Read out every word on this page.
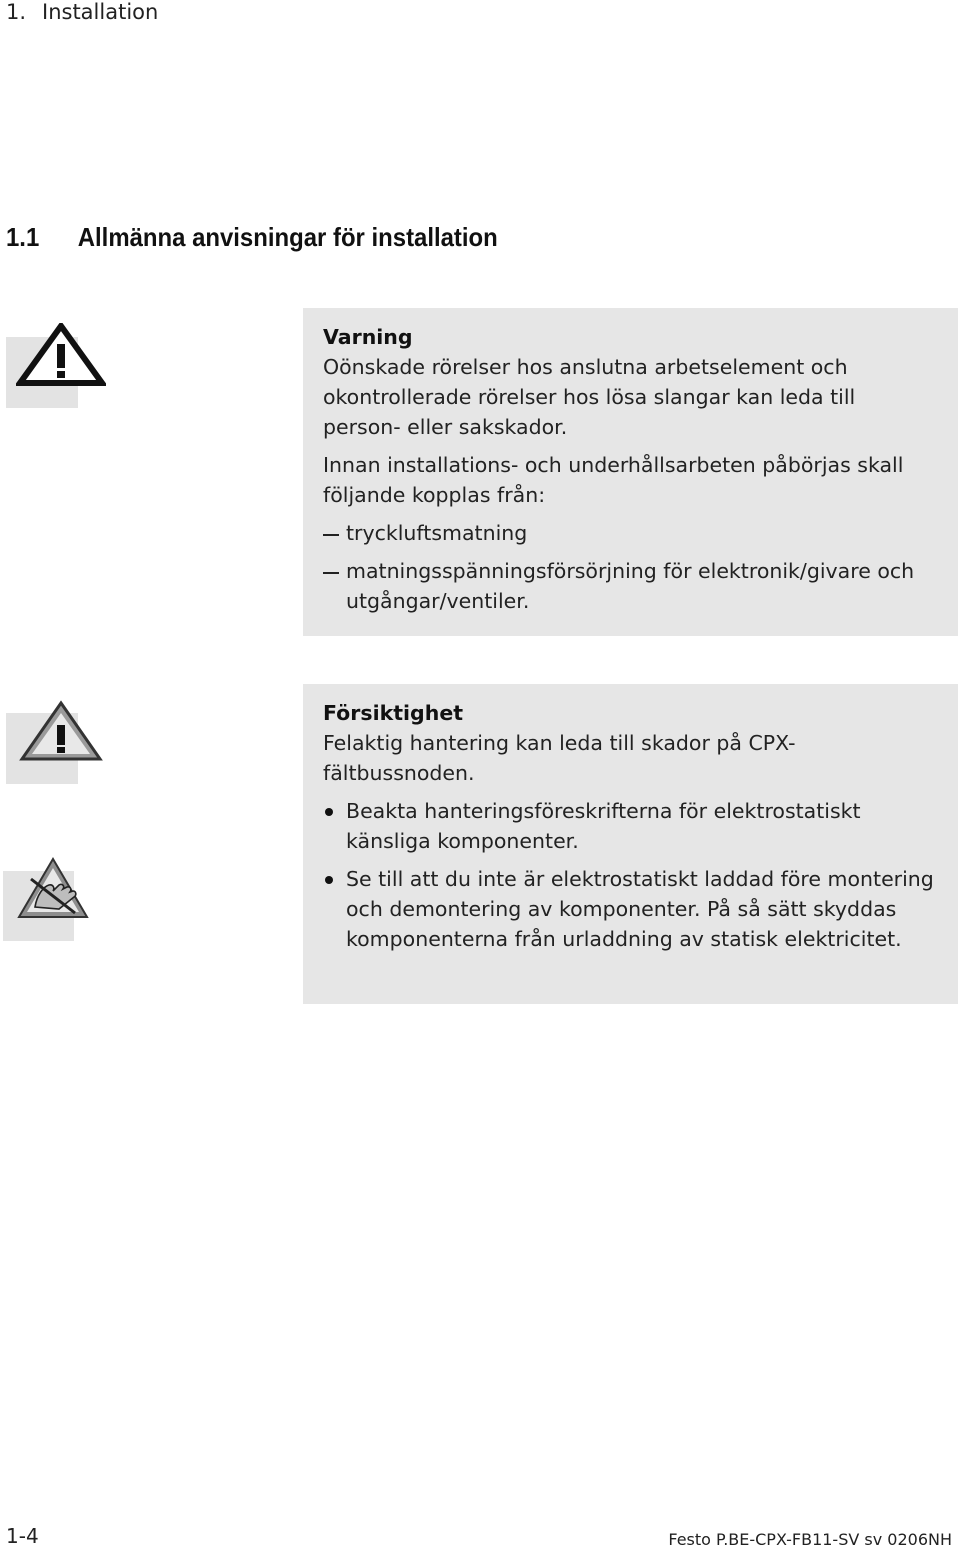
1. Installation
1.1 Allmänna anvisningar för installation

Varning

Oönskade rörelser hos anslutna arbetselement och okontrollerade rörelser hos lösa slangar kan leda till person- eller sakskador.

Innan installations- och underhållsarbeten påbörjas skall följande kopplas från:

tryckluftsmatning
matningsspänningsförsörjning för elektronik/givare och utgångar/ventiler.

Försiktighet

Felaktig hantering kan leda till skador på CPX-fältbussnoden.

Beakta hanteringsföreskrifterna för elektrostatiskt känsliga komponenter.
Se till att du inte är elektrostatiskt laddad före montering och demontering av komponenter. På så sätt skyddas komponenterna från urladdning av statisk elektricitet.
1-4	Festo P.BE-CPX-FB11-SV sv 0206NH
